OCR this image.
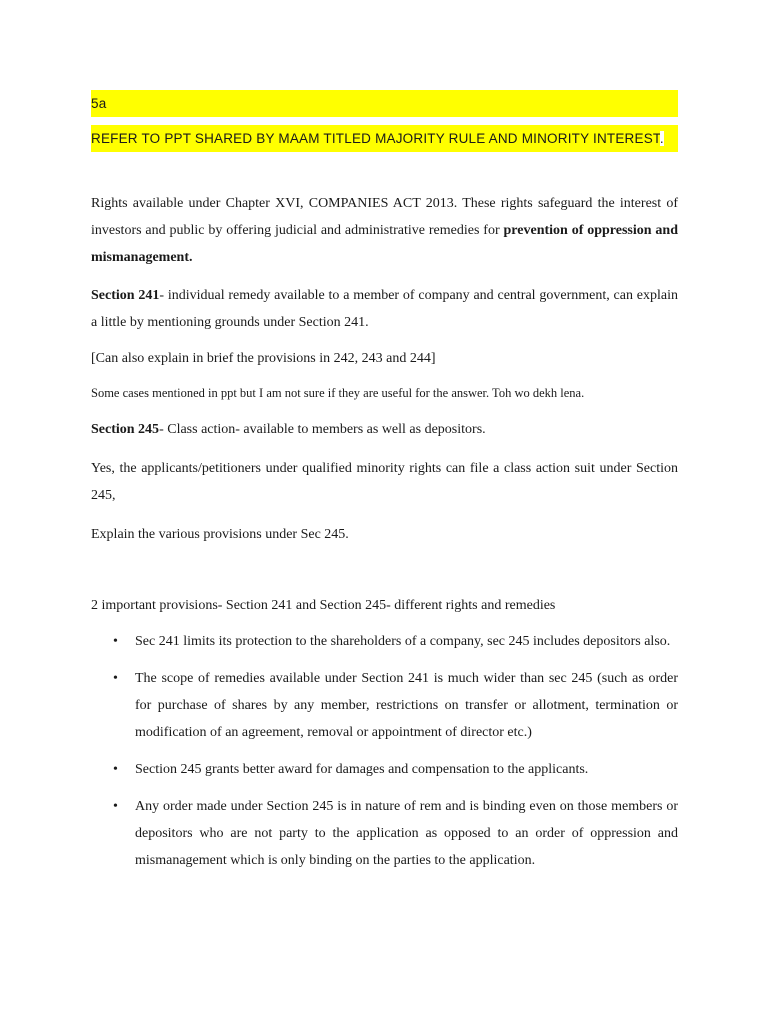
5a

REFER TO PPT SHARED BY MAAM TITLED MAJORITY RULE AND MINORITY INTEREST.

Rights available under Chapter XVI, COMPANIES ACT 2013. These rights safeguard the interest of investors and public by offering judicial and administrative remedies for prevention of oppression and mismanagement.

Section 241- individual remedy available to a member of company and central government, can explain a little by mentioning grounds under Section 241.

[Can also explain in brief the provisions in 242, 243 and 244]

Some cases mentioned in ppt but I am not sure if they are useful for the answer. Toh wo dekh lena.

Section 245- Class action- available to members as well as depositors.

Yes, the applicants/petitioners under qualified minority rights can file a class action suit under Section 245,

Explain the various provisions under Sec 245.

2 important provisions- Section 241 and Section 245- different rights and remedies

• Sec 241 limits its protection to the shareholders of a company, sec 245 includes depositors also.
• The scope of remedies available under Section 241 is much wider than sec 245 (such as order for purchase of shares by any member, restrictions on transfer or allotment, termination or modification of an agreement, removal or appointment of director etc.)
• Section 245 grants better award for damages and compensation to the applicants.
• Any order made under Section 245 is in nature of rem and is binding even on those members or depositors who are not party to the application as opposed to an order of oppression and mismanagement which is only binding on the parties to the application.
